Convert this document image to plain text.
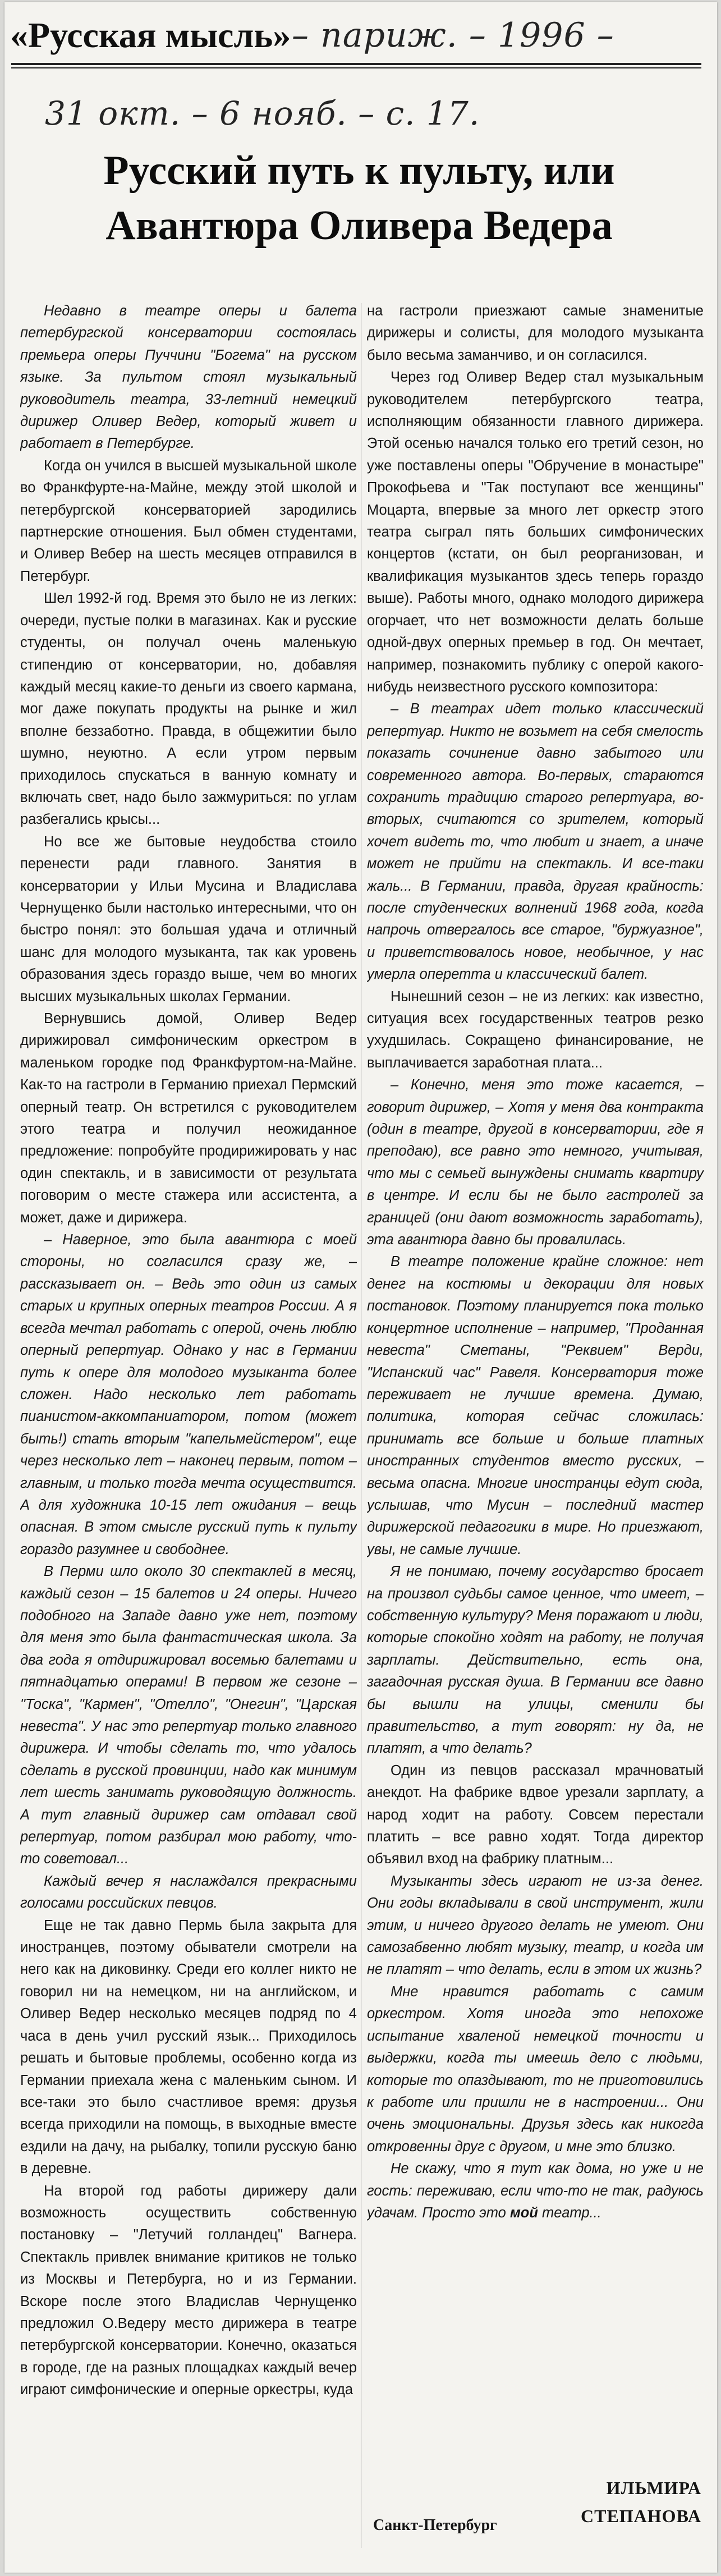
«Русская мысль» – париж. – 1996 –
31 окт. – 6 нояб. – с. 17.
Русский путь к пульту, или Авантюра Оливера Ведера

Недавно в театре оперы и балета петербургской консерватории состоялась премьера оперы Пуччини "Богема" на русском языке. За пультом стоял музыкальный руководитель театра, 33-летний немецкий дирижер Оливер Ведер, который живет и работает в Петербурге.

Когда он учился в высшей музыкальной школе во Франкфурте-на-Майне, между этой школой и петербургской консерваторией зародились партнерские отношения. Был обмен студентами, и Оливер Вебер на шесть месяцев отправился в Петербург.

Шел 1992-й год. Время это было не из легких: очереди, пустые полки в магазинах. Как и русские студенты, он получал очень маленькую стипендию от консерватории, но, добавляя каждый месяц какие-то деньги из своего кармана, мог даже покупать продукты на рынке и жил вполне беззаботно. Правда, в общежитии было шумно, неуютно. А если утром первым приходилось спускаться в ванную комнату и включать свет, надо было зажмуриться: по углам разбегались крысы...

Но все же бытовые неудобства стоило перенести ради главного. Занятия в консерватории у Ильи Мусина и Владислава Чернущенко были настолько интересными, что он быстро понял: это большая удача и отличный шанс для молодого музыканта, так как уровень образования здесь гораздо выше, чем во многих высших музыкальных школах Германии.

Вернувшись домой, Оливер Ведер дирижировал симфоническим оркестром в маленьком городке под Франкфуртом-на-Майне. Как-то на гастроли в Германию приехал Пермский оперный театр. Он встретился с руководителем этого театра и получил неожиданное предложение: попробуйте продирижировать у нас один спектакль, и в зависимости от результата поговорим о месте стажера или ассистента, а может, даже и дирижера.

– Наверное, это была авантюра с моей стороны, но согласился сразу же, – рассказывает он. – Ведь это один из самых старых и крупных оперных театров России. А я всегда мечтал работать с оперой, очень люблю оперный репертуар. Однако у нас в Германии путь к опере для молодого музыканта более сложен. Надо несколько лет работать пианистом-аккомпаниатором, потом (может быть!) стать вторым "капельмейстером", еще через несколько лет – наконец первым, потом – главным, и только тогда мечта осуществится. А для художника 10-15 лет ожидания – вещь опасная. В этом смысле русский путь к пульту гораздо разумнее и свободнее.

В Перми шло около 30 спектаклей в месяц, каждый сезон – 15 балетов и 24 оперы. Ничего подобного на Западе давно уже нет, поэтому для меня это была фантастическая школа. За два года я отдирижировал восемью балетами и пятнадцатью операми! В первом же сезоне – "Тоска", "Кармен", "Отелло", "Онегин", "Царская невеста". У нас это репертуар только главного дирижера. И чтобы сделать то, что удалось сделать в русской провинции, надо как минимум лет шесть занимать руководящую должность. А тут главный дирижер сам отдавал свой репертуар, потом разбирал мою работу, что-то советовал...

Каждый вечер я наслаждался прекрасными голосами российских певцов.

Еще не так давно Пермь была закрыта для иностранцев, поэтому обыватели смотрели на него как на диковинку. Среди его коллег никто не говорил ни на немецком, ни на английском, и Оливер Ведер несколько месяцев подряд по 4 часа в день учил русский язык... Приходилось решать и бытовые проблемы, особенно когда из Германии приехала жена с маленьким сыном. И все-таки это было счастливое время: друзья всегда приходили на помощь, в выходные вместе ездили на дачу, на рыбалку, топили русскую баню в деревне.

На второй год работы дирижеру дали возможность осуществить собственную постановку – "Летучий голландец" Вагнера. Спектакль привлек внимание критиков не только из Москвы и Петербурга, но и из Германии. Вскоре после этого Владислав Чернущенко предложил О.Ведеру место дирижера в театре петербургской консерватории. Конечно, оказаться в городе, где на разных площадках каждый вечер играют симфонические и оперные оркестры, куда

на гастроли приезжают самые знаменитые дирижеры и солисты, для молодого музыканта было весьма заманчиво, и он согласился.

Через год Оливер Ведер стал музыкальным руководителем петербургского театра, исполняющим обязанности главного дирижера. Этой осенью начался только его третий сезон, но уже поставлены оперы "Обручение в монастыре" Прокофьева и "Так поступают все женщины" Моцарта, впервые за много лет оркестр этого театра сыграл пять больших симфонических концертов (кстати, он был реорганизован, и квалификация музыкантов здесь теперь гораздо выше). Работы много, однако молодого дирижера огорчает, что нет возможности делать больше одной-двух оперных премьер в год. Он мечтает, например, познакомить публику с оперой какого-нибудь неизвестного русского композитора:

– В театрах идет только классический репертуар. Никто не возьмет на себя смелость показать сочинение давно забытого или современного автора. Во-первых, стараются сохранить традицию старого репертуара, во-вторых, считаются со зрителем, который хочет видеть то, что любит и знает, а иначе может не прийти на спектакль. И все-таки жаль... В Германии, правда, другая крайность: после студенческих волнений 1968 года, когда напрочь отвергалось все старое, "буржуазное", и приветствовалось новое, необычное, у нас умерла оперетта и классический балет.

Нынешний сезон – не из легких: как известно, ситуация всех государственных театров резко ухудшилась. Сокращено финансирование, не выплачивается заработная плата...

– Конечно, меня это тоже касается, – говорит дирижер, – Хотя у меня два контракта (один в театре, другой в консерватории, где я преподаю), все равно это немного, учитывая, что мы с семьей вынуждены снимать квартиру в центре. И если бы не было гастролей за границей (они дают возможность заработать), эта авантюра давно бы провалилась.

В театре положение крайне сложное: нет денег на костюмы и декорации для новых постановок. Поэтому планируется пока только концертное исполнение – например, "Проданная невеста" Сметаны, "Реквием" Верди, "Испанский час" Равеля. Консерватория тоже переживает не лучшие времена. Думаю, политика, которая сейчас сложилась: принимать все больше и больше платных иностранных студентов вместо русских, – весьма опасна. Многие иностранцы едут сюда, услышав, что Мусин – последний мастер дирижерской педагогики в мире. Но приезжают, увы, не самые лучшие.

Я не понимаю, почему государство бросает на произвол судьбы самое ценное, что имеет, – собственную культуру? Меня поражают и люди, которые спокойно ходят на работу, не получая зарплаты. Действительно, есть она, загадочная русская душа. В Германии все давно бы вышли на улицы, сменили бы правительство, а тут говорят: ну да, не платят, а что делать?

Один из певцов рассказал мрачноватый анекдот. На фабрике вдвое урезали зарплату, а народ ходит на работу. Совсем перестали платить – все равно ходят. Тогда директор объявил вход на фабрику платным...

Музыканты здесь играют не из-за денег. Они годы вкладывали в свой инструмент, жили этим, и ничего другого делать не умеют. Они самозабвенно любят музыку, театр, и когда им не платят – что делать, если в этом их жизнь?

Мне нравится работать с самим оркестром. Хотя иногда это непохоже испытание хваленой немецкой точности и выдержки, когда ты имеешь дело с людьми, которые то опаздывают, то не приготовились к работе или пришли не в настроении... Они очень эмоциональны. Друзья здесь как никогда откровенны друг с другом, и мне это близко.

Не скажу, что я тут как дома, но уже и не гость: переживаю, если что-то не так, радуюсь удачам. Просто это мой театр...

ИЛЬМИРА СТЕПАНОВА
Санкт-Петербург
